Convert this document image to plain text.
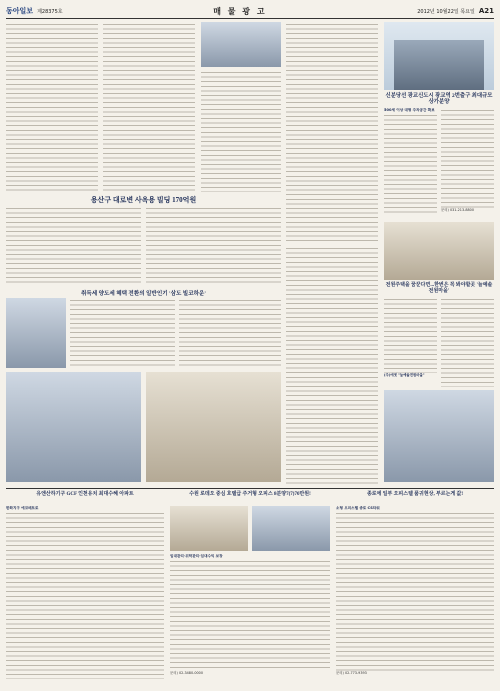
동아일보 제28375호	매 물 광 고	2012년 10월22일 목요일 A21
신분당선 광교신도시 광교역 2번출구 최대규모 상가분양
500세 이상 대형 주차공간 확보
문의) 031-213-8800
용산구 대로변 사옥용 빌딩 170억원
취득세 양도세 혜택 전환의 일반인기 '삼도 빌코하운'
전원주택을 꿈꾼다면...한번은 꼭 봐야할곳 '늘예솔전원마을'
(주)에셋 "늘예솔전원마을"
유엔산하기구 GCF 인천유치 최대수혜 아파트
한화지구 에코메트로
수원 로데오 중심 호텔급 주거형 오피스 8분양7(7)70만원!
임대관리·위탁관리·임대수익 보장
문의) 02-3480-0000
종로에 일부 오피스텔 품귀현상, 부르는게 값!
소형 오피스텔 종로 CS타워
문의) 02-773-9393
